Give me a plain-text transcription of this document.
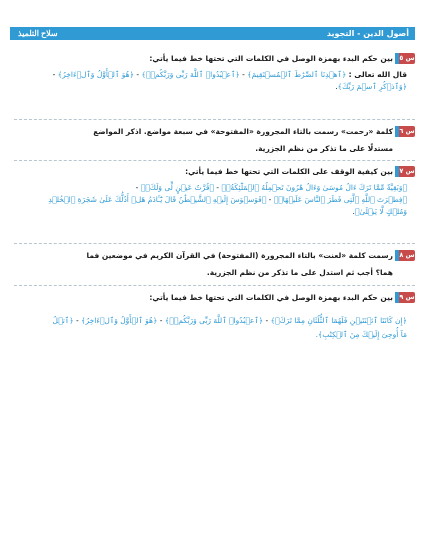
سلاح التلميذ	أصول الدين - التجويد
س ٥
بين حكم البدء بهمزة الوصل في الكلمات التي تحتها خط فيما يأتي:
قال الله تعالى : ﴿ٱهۡدِنَا ٱلصِّرَٰطَ ٱلۡمُسۡتَقِيمَ﴾ - ﴿ٱعۡبُدُوا۟ ٱللَّهَ رَبِّى وَرَبَّكُمۡۚ﴾ - ﴿هُوَ ٱلۡأَوَّلُ وَٱلۡءَاخِرُ﴾ -
﴿وَٱذۡكُرِ ٱسۡمَ رَبِّكَ﴾.
س ٦
كلمة «رحمت» رسمت بالتاء المجرورة «المفتوحة» في سبعة مواضع. اذكر المواضع
مستدلًا على ما تذكر من نظم الجزرية.
س ٧
بين كيفية الوقف على الكلمات التي تحتها خط فيما يأتي:
﴿وَبَقِيَّةٌ مِّمَّا تَرَكَ ءَالُ مُوسَىٰ وَءَالُ هَٰرُونَ تَحۡمِلُهُ ٱلۡمَلَٰٓئِكَةُۚ﴾ - ﴿قُرَّتُ عَيۡنٍ لِّى وَلَكَۖ﴾ -
﴿فِطۡرَتَ ٱللَّهِ ٱلَّتِى فَطَرَ ٱلنَّاسَ عَلَيۡهَاۚ﴾ - ﴿فَوَسۡوَسَ إِلَيۡهِ ٱلشَّيۡطَٰنُ قَالَ يَٰٓـَٔادَمُ هَلۡ أَدُلُّكَ عَلَىٰ شَجَرَةِ ٱلۡخُلۡدِ
وَمُلۡكٍ لَّا يَبۡلَىٰ﴾.
س ٨
رسمت كلمة «لعنت» بالتاء المجرورة (المفتوحة) في القرآن الكريم في موضعين فما
هما؟ أجب ثم استدل على ما تذكر من نظم الجزرية.
س ٩
بين حكم البدء بهمزة الوصل في الكلمات التي تحتها خط فيما يأتي:
﴿إِن كَانَتَا ٱثۡنَتَيۡنِ فَلَهُمَا ٱلثُّلُثَانِ مِمَّا تَرَكَۚ﴾ - ﴿ٱعۡبُدُوا۟ ٱللَّهَ رَبِّى وَرَبَّكُمۡۚ﴾ - ﴿هُوَ ٱلۡأَوَّلُ وَٱلۡءَاخِرُ﴾ - ﴿ٱتۡلُ
مَآ أُوحِىَ إِلَيۡكَ مِنَ ٱلۡكِتَٰبِ﴾.
